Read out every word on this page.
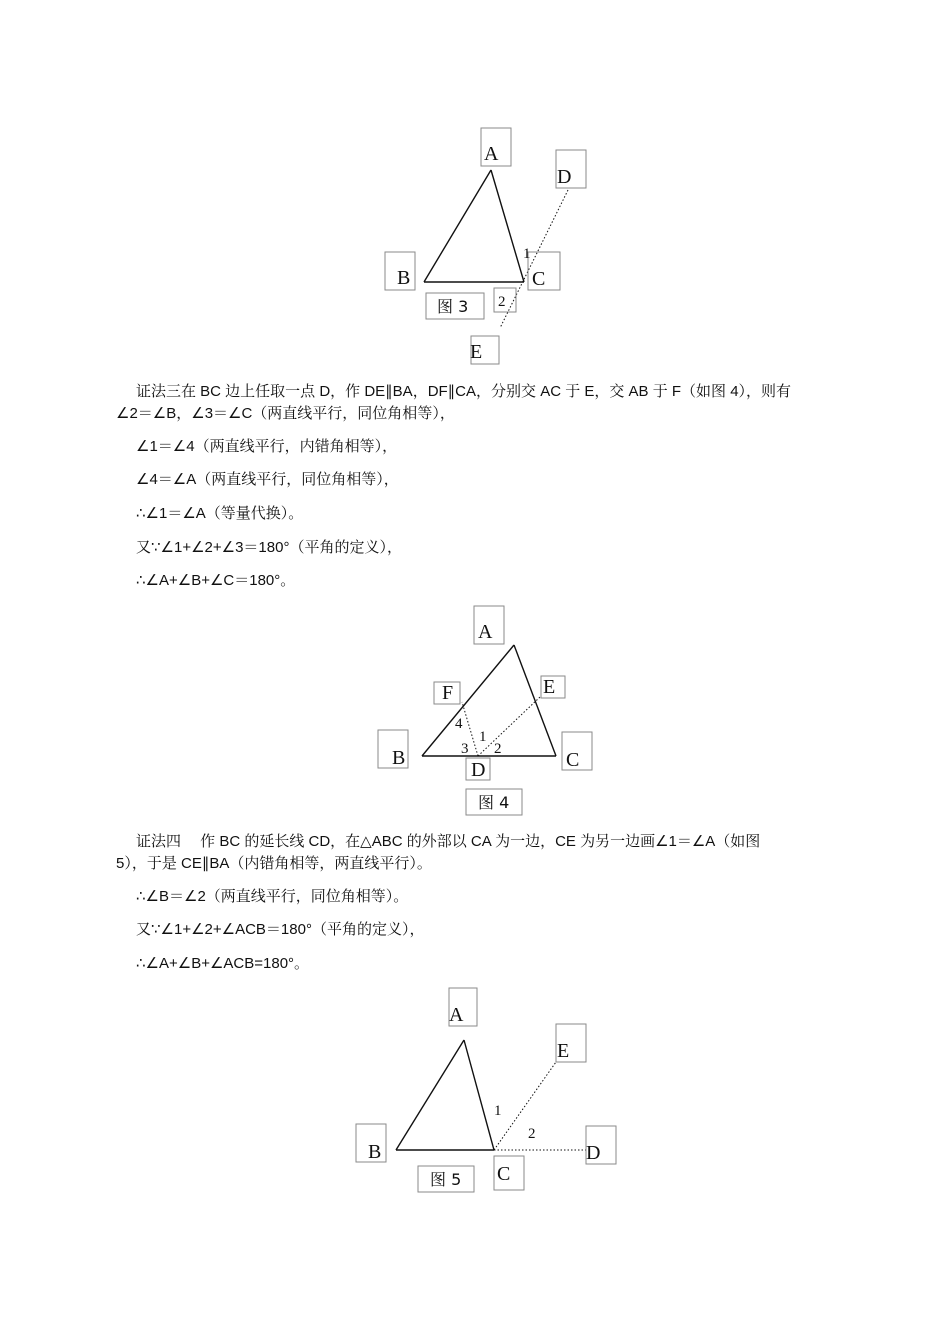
A
D
B	C
1
2
图 3
E

证法三在 BC 边上任取一点 D，作 DE∥BA，DF∥CA，分别交 AC 于 E，交 AB 于 F（如图 4），则有

∠2＝∠B，∠3＝∠C（两直线平行，同位角相等），

∠1＝∠4（两直线平行，内错角相等），

∠4＝∠A（两直线平行，同位角相等），

∴∠1＝∠A（等量代换）。

又∵∠1+∠2+∠3＝180°（平角的定义），

∴∠A+∠B+∠C＝180°。

A
E
F
4
1
3 2
B	C
D
图 4

证法四　 作 BC 的延长线 CD，在△ABC 的外部以 CA 为一边，CE 为另一边画∠1＝∠A（如图

5），于是 CE∥BA（内错角相等，两直线平行）。

∴∠B＝∠2（两直线平行，同位角相等）。

又∵∠1+∠2+∠ACB＝180°（平角的定义），

∴∠A+∠B+∠ACB=180°。

A
E
1
2
B	D
图 5 C
